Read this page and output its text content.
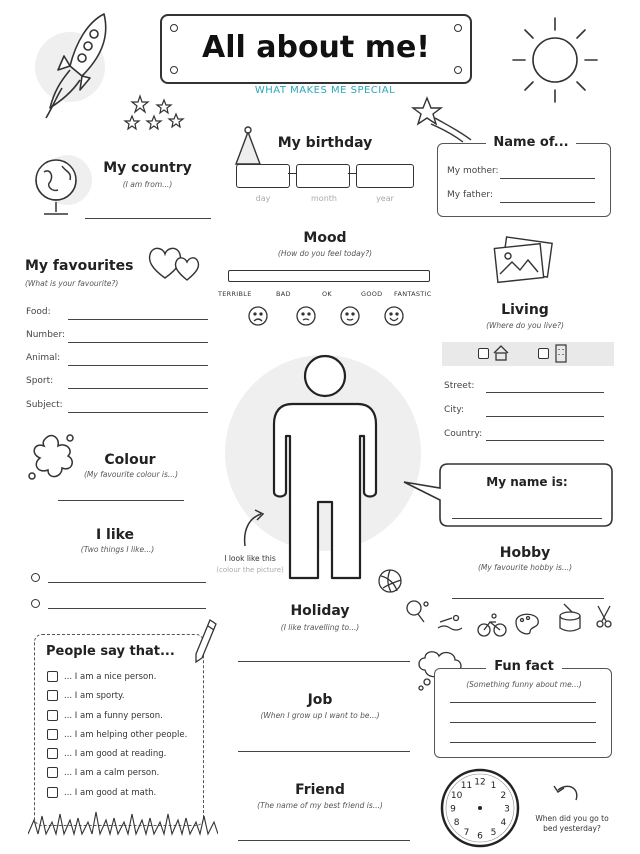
All about me!
WHAT MAKES ME SPECIAL
My country
(I am from...)
My birthday
day	month	year
Name of...
My mother:
My father:
Mood
(How do you feel today?)
TERRIBLE	BAD	OK	GOOD FANTASTIC
My favourites
(What is your favourite?)
Food:
Number:
Animal:
Sport:
Subject:
Living
(Where do you live?)
Street:
City:
Country:
Colour
(My favourite colour is...)
My name is:
I look like this
(colour the picture)
I like
(Two things I like...)	Hobby
(My favourite hobby is...)
Holiday
(I like travelling to...)
People say that...
... I am a nice person.
... I am sporty.
... I am a funny person.
... I am helping other people.
... I am good at reading.
... I am a calm person.
... I am good at math.
Fun fact
(Something funny about me...)
Job
(When I grow up I want to be...)
Friend
(The name of my best friend is...)
12 1
2
3
4
5
6
7
8
9
10
11
When did you go to bed yesterday?
